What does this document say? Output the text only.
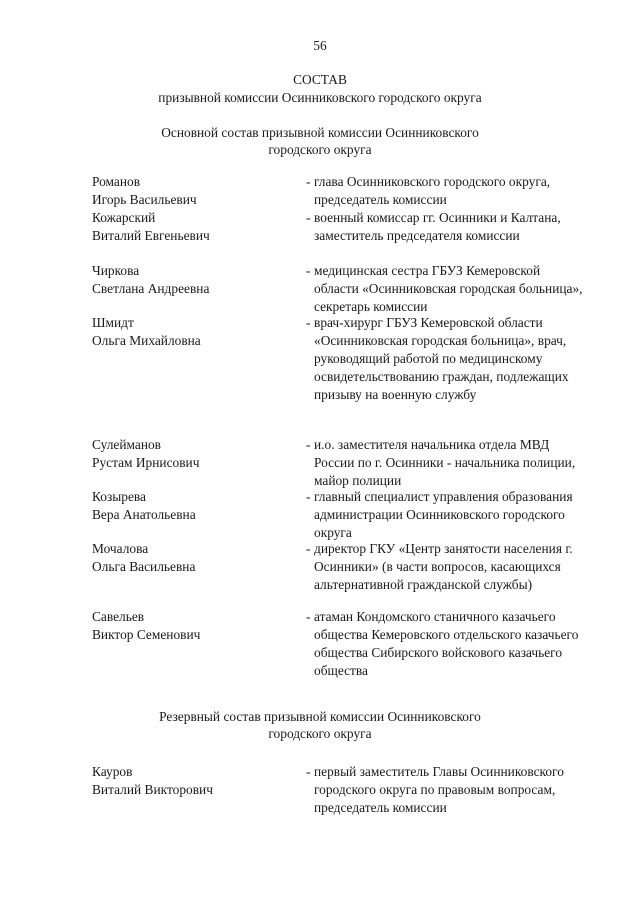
56
СОСТАВ
призывной комиссии Осинниковского городского округа
Основной состав призывной комиссии Осинниковского
городского округа
Романов
Игорь Васильевич
- глава Осинниковского городского округа, председатель комиссии
Кожарский
Виталий Евгеньевич
- военный комиссар гг. Осинники и Калтана, заместитель председателя комиссии
Чиркова
Светлана Андреевна
- медицинская сестра ГБУЗ Кемеровской области «Осинниковская городская больница», секретарь комиссии
Шмидт
Ольга Михайловна
- врач-хирург ГБУЗ Кемеровской области «Осинниковская городская больница», врач, руководящий работой по медицинскому освидетельствованию граждан, подлежащих призыву на военную службу
Сулейманов
Рустам Ирнисович
- и.о. заместителя начальника отдела МВД России по г. Осинники - начальника полиции, майор полиции
Козырева
Вера Анатольевна
- главный специалист управления образования администрации Осинниковского городского округа
Мочалова
Ольга Васильевна
- директор ГКУ «Центр занятости населения г. Осинники» (в части вопросов, касающихся альтернативной гражданской службы)
Савельев
Виктор Семенович
- атаман Кондомского станичного казачьего общества Кемеровского отдельского казачьего общества Сибирского войскового казачьего общества
Резервный состав призывной комиссии Осинниковского
городского округа
Кауров
Виталий Викторович
- первый заместитель Главы Осинниковского городского округа по правовым вопросам, председатель комиссии
